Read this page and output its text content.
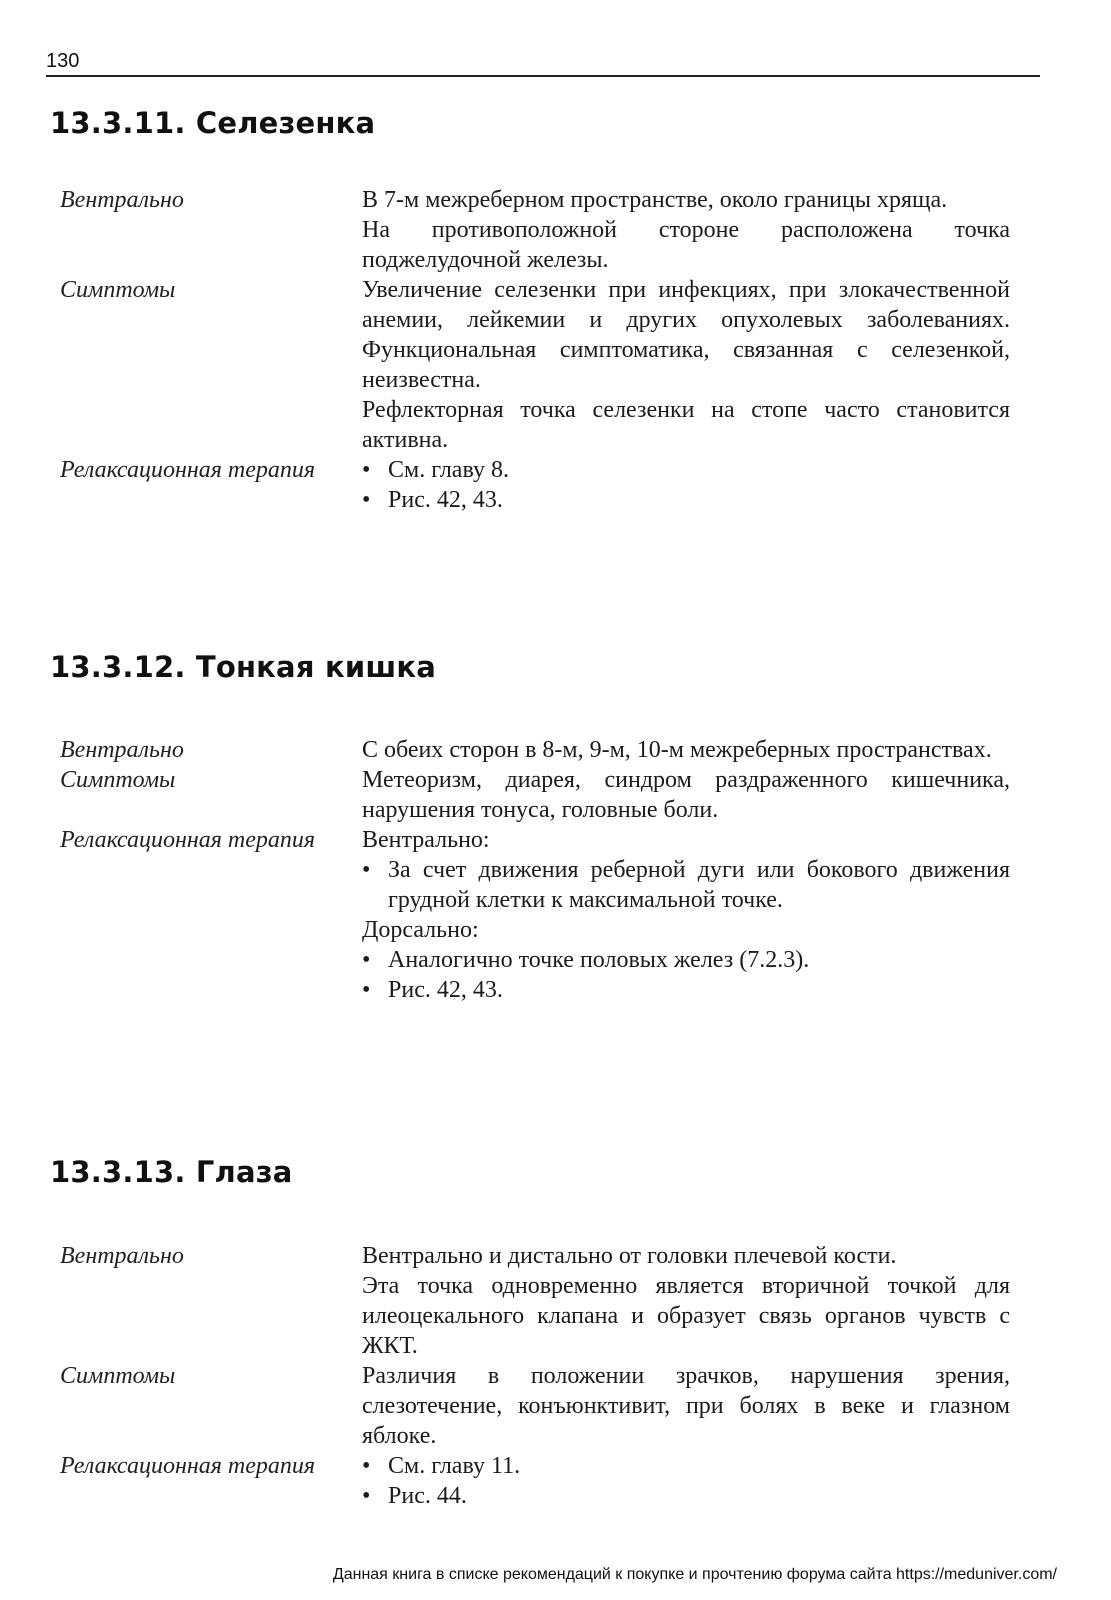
130
13.3.11. Селезенка
Вентрально	В 7-м межреберном пространстве, около границы хряща.

На противоположной стороне расположена точка поджелудочной железы.

Симптомы	Увеличение селезенки при инфекциях, при злокачественной анемии, лейкемии и других опухолевых заболеваниях. Функциональная симптоматика, связанная с селезенкой, неизвестна.

Рефлекторная точка селезенки на стопе часто становится активна.

Релаксационная терапия	• См. главу 8.
• Рис. 42, 43.
13.3.12. Тонкая кишка
Вентрально	С обеих сторон в 8-м, 9-м, 10-м межреберных пространствах.

Симптомы	Метеоризм, диарея, синдром раздраженного кишечника, нарушения тонуса, головные боли.

Релаксационная терапия	Вентрально:

• За счет движения реберной дуги или бокового движения грудной клетки к максимальной точке.

Дорсально:

• Аналогично точке половых желез (7.2.3).
• Рис. 42, 43.
13.3.13. Глаза
Вентрально	Вентрально и дистально от головки плечевой кости.

Эта точка одновременно является вторичной точкой для илеоцекального клапана и образует связь органов чувств с ЖКТ.

Симптомы	Различия в положении зрачков, нарушения зрения, слезотечение, конъюнктивит, при болях в веке и глазном яблоке.

Релаксационная терапия	• См. главу 11.
• Рис. 44.
Данная книга в списке рекомендаций к покупке и прочтению форума сайта https://meduniver.com/
